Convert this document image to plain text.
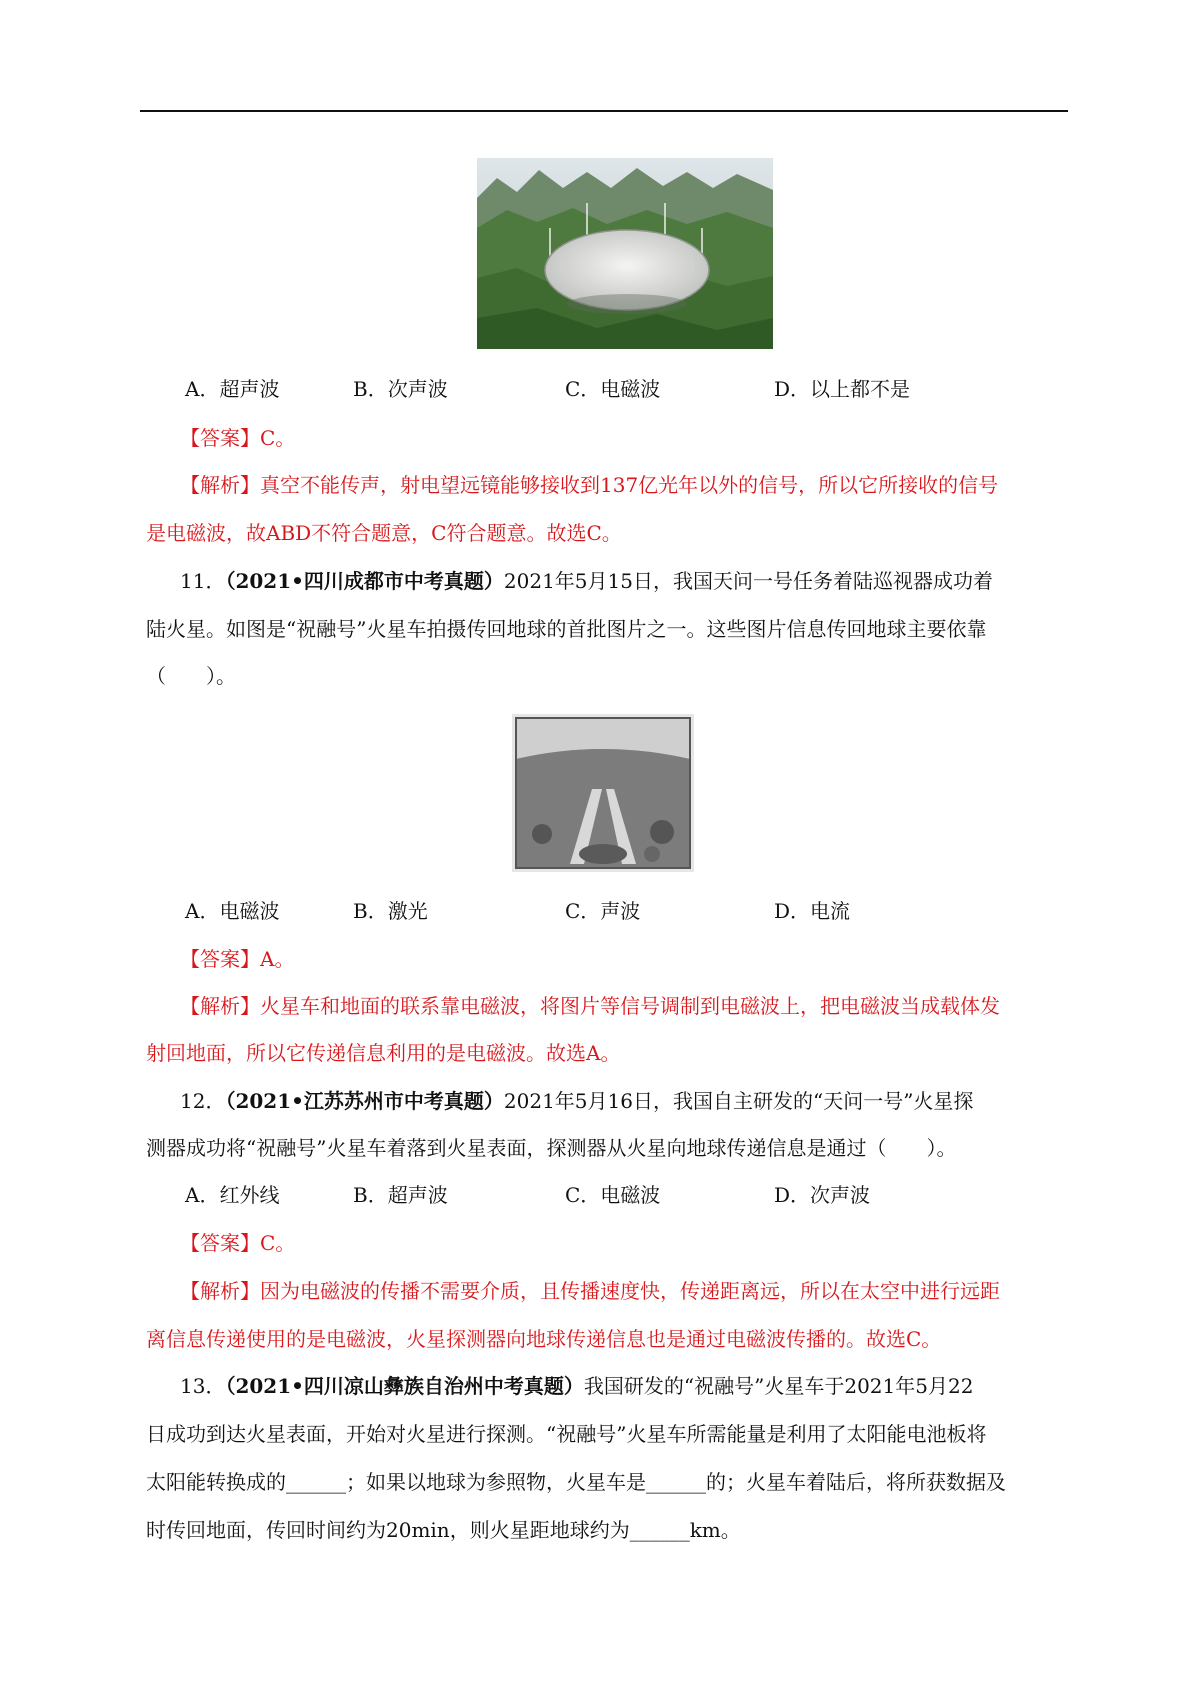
A．超声波	B．次声波	C．电磁波	D．以上都不是
【答案】C。
【解析】真空不能传声，射电望远镜能够接收到137亿光年以外的信号，所以它所接收的信号
是电磁波，故ABD不符合题意，C符合题意。故选C。
11．（2021•四川成都市中考真题）2021年5月15日，我国天问一号任务着陆巡视器成功着
陆火星。如图是“祝融号”火星车拍摄传回地球的首批图片之一。这些图片信息传回地球主要依靠
（　　）。
A．电磁波	B．激光	C．声波	D．电流
【答案】A。
【解析】火星车和地面的联系靠电磁波，将图片等信号调制到电磁波上，把电磁波当成载体发
射回地面，所以它传递信息利用的是电磁波。故选A。
12．（2021•江苏苏州市中考真题）2021年5月16日，我国自主研发的“天问一号”火星探
测器成功将“祝融号”火星车着落到火星表面，探测器从火星向地球传递信息是通过（　　）。
A．红外线	B．超声波	C．电磁波	D．次声波
【答案】C。
【解析】因为电磁波的传播不需要介质，且传播速度快，传递距离远，所以在太空中进行远距
离信息传递使用的是电磁波，火星探测器向地球传递信息也是通过电磁波传播的。故选C。
13．（2021•四川凉山彝族自治州中考真题）我国研发的“祝融号”火星车于2021年5月22
日成功到达火星表面，开始对火星进行探测。“祝融号”火星车所需能量是利用了太阳能电池板将
太阳能转换成的______；如果以地球为参照物，火星车是______的；火星车着陆后，将所获数据及
时传回地面，传回时间约为20min，则火星距地球约为______km。
